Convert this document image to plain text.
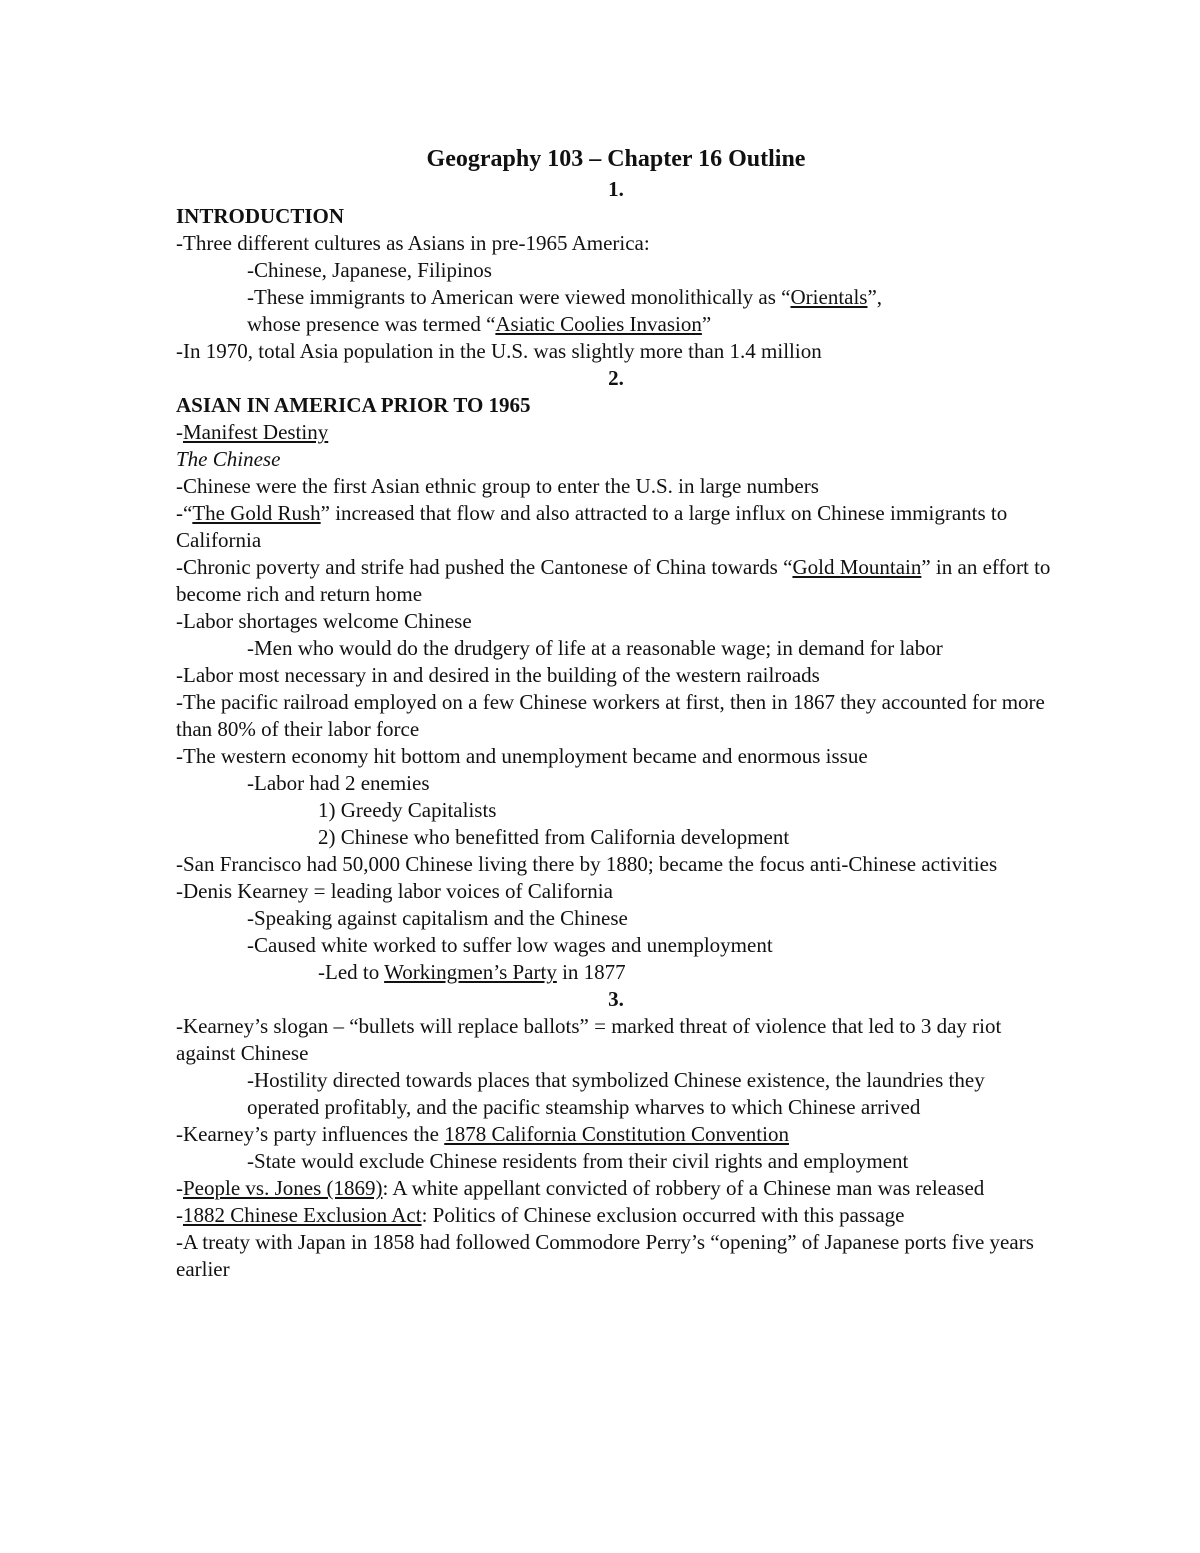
Geography 103 – Chapter 16 Outline
1.
INTRODUCTION
-Three different cultures as Asians in pre-1965 America:
-Chinese, Japanese, Filipinos
-These immigrants to American were viewed monolithically as “Orientals”,
whose presence was termed “Asiatic Coolies Invasion”
-In 1970, total Asia population in the U.S. was slightly more than 1.4 million
2.
ASIAN IN AMERICA PRIOR TO 1965
-Manifest Destiny
The Chinese
-Chinese were the first Asian ethnic group to enter the U.S. in large numbers
-“The Gold Rush” increased that flow and also attracted to a large influx on Chinese immigrants to California
-Chronic poverty and strife had pushed the Cantonese of China towards “Gold Mountain” in an effort to become rich and return home
-Labor shortages welcome Chinese
-Men who would do the drudgery of life at a reasonable wage; in demand for labor
-Labor most necessary in and desired in the building of the western railroads
-The pacific railroad employed on a few Chinese workers at first, then in 1867 they accounted for more than 80% of their labor force
-The western economy hit bottom and unemployment became and enormous issue
-Labor had 2 enemies
1) Greedy Capitalists
2) Chinese who benefitted from California development
-San Francisco had 50,000 Chinese living there by 1880; became the focus anti-Chinese activities
-Denis Kearney = leading labor voices of California
-Speaking against capitalism and the Chinese
-Caused white worked to suffer low wages and unemployment
-Led to Workingmen’s Party in 1877
3.
-Kearney’s slogan – “bullets will replace ballots” = marked threat of violence that led to 3 day riot against Chinese
-Hostility directed towards places that symbolized Chinese existence, the laundries they operated profitably, and the pacific steamship wharves to which Chinese arrived
-Kearney’s party influences the 1878 California Constitution Convention
-State would exclude Chinese residents from their civil rights and employment
-People vs. Jones (1869): A white appellant convicted of robbery of a Chinese man was released
-1882 Chinese Exclusion Act: Politics of Chinese exclusion occurred with this passage
-A treaty with Japan in 1858 had followed Commodore Perry’s “opening” of Japanese ports five years earlier
